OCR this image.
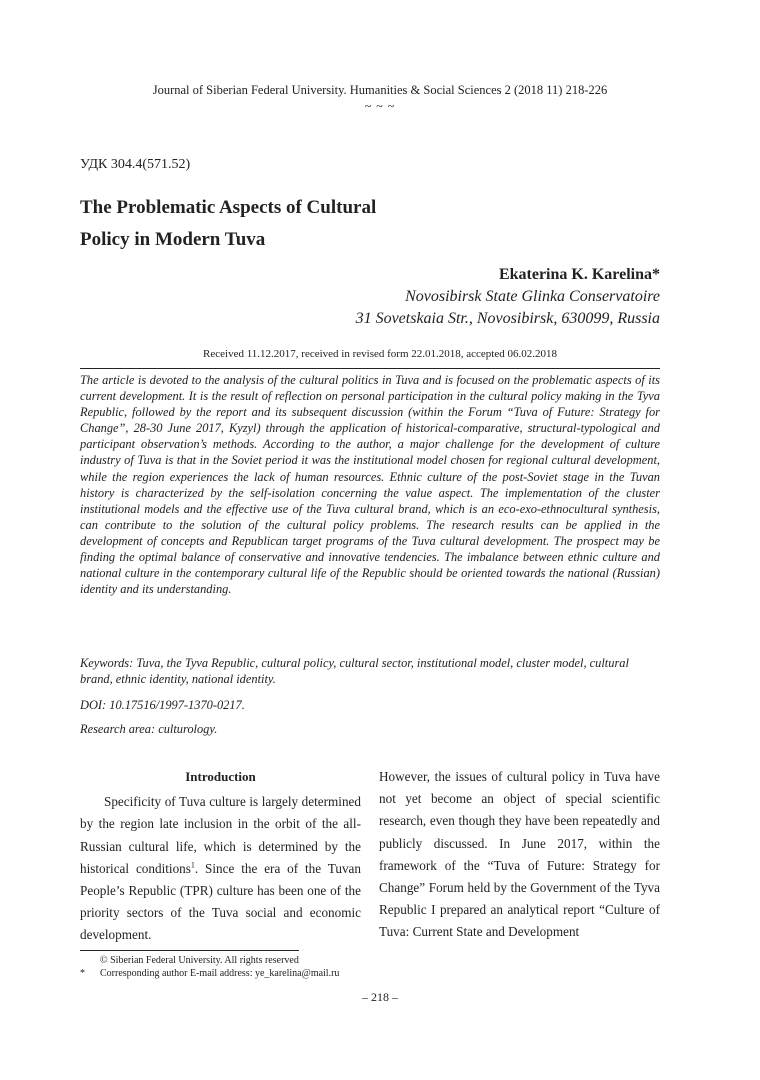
Journal of Siberian Federal University. Humanities & Social Sciences 2 (2018 11) 218-226
~ ~ ~
УДК 304.4(571.52)
The Problematic Aspects of Cultural
Policy in Modern Tuva
Ekaterina K. Karelina*
Novosibirsk State Glinka Conservatoire
31 Sovetskaia Str., Novosibirsk, 630099, Russia
Received 11.12.2017, received in revised form 22.01.2018, accepted 06.02.2018
The article is devoted to the analysis of the cultural politics in Tuva and is focused on the problematic aspects of its current development. It is the result of reflection on personal participation in the cultural policy making in the Tyva Republic, followed by the report and its subsequent discussion (within the Forum “Tuva of Future: Strategy for Change”, 28-30 June 2017, Kyzyl) through the application of historical-comparative, structural-typological and participant observation’s methods. According to the author, a major challenge for the development of culture industry of Tuva is that in the Soviet period it was the institutional model chosen for regional cultural development, while the region experiences the lack of human resources. Ethnic culture of the post-Soviet stage in the Tuvan history is characterized by the self-isolation concerning the value aspect. The implementation of the cluster institutional models and the effective use of the Tuva cultural brand, which is an eco-exo-ethnocultural synthesis, can contribute to the solution of the cultural policy problems. The research results can be applied in the development of concepts and Republican target programs of the Tuva cultural development. The prospect may be finding the optimal balance of conservative and innovative tendencies. The imbalance between ethnic culture and national culture in the contemporary cultural life of the Republic should be oriented towards the national (Russian) identity and its understanding.
Keywords: Tuva, the Tyva Republic, cultural policy, cultural sector, institutional model, cluster model, cultural brand, ethnic identity, national identity.
DOI: 10.17516/1997-1370-0217.
Research area: culturology.

Introduction

Specificity of Tuva culture is largely determined by the region late inclusion in the orbit of the all-Russian cultural life, which is determined by the historical conditions$^1$. Since the era of the Tuvan People’s Republic (TPR) culture has been one of the priority sectors of the Tuva social and economic development.

However, the issues of cultural policy in Tuva have not yet become an object of special scientific research, even though they have been repeatedly and publicly discussed. In June 2017, within the framework of the “Tuva of Future: Strategy for Change” Forum held by the Government of the Tyva Republic I prepared an analytical report “Culture of Tuva: Current State and Development

© Siberian Federal University. All rights reserved
* Corresponding author E-mail address: ye_karelina@mail.ru
– 218 –
